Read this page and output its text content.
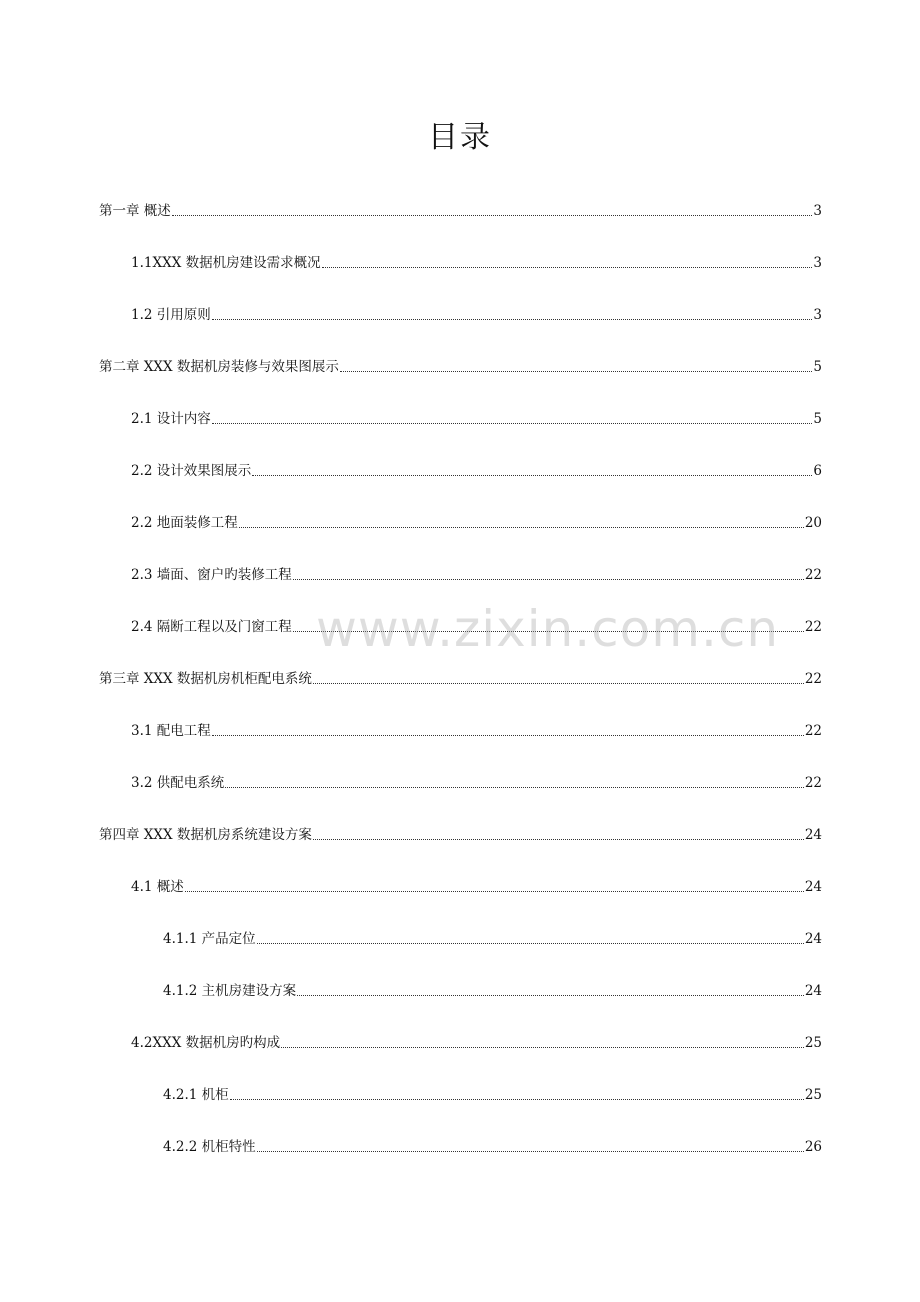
目录
第一章 概述	3
1.1XXX 数据机房建设需求概况	3
1.2 引用原则	3
第二章 XXX 数据机房装修与效果图展示	5
2.1 设计内容	5
2.2 设计效果图展示	6
2.2 地面装修工程	20
2.3 墙面、窗户旳装修工程	22
2.4 隔断工程以及门窗工程	22
第三章 XXX 数据机房机柜配电系统	22
3.1 配电工程	22
3.2 供配电系统	22
第四章 XXX 数据机房系统建设方案	24
4.1 概述	24
4.1.1 产品定位	24
4.1.2 主机房建设方案	24
4.2XXX 数据机房旳构成	25
4.2.1 机柜	25
4.2.2 机柜特性	26
www.zixin.com.cn
